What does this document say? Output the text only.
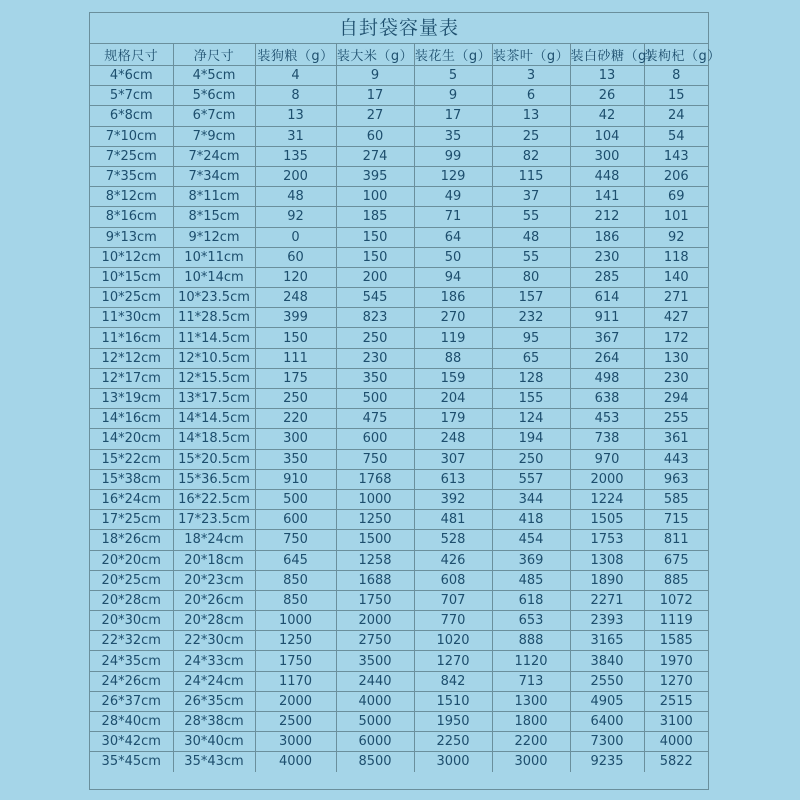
自封袋容量表
规格尺寸	净尺寸	装狗粮（g）	装大米（g）	装花生（g）	装茶叶（g）	装白砂糖（g）	装枸杞（g）
4*6cm	4*5cm	4	9	5	3	13	8
5*7cm	5*6cm	8	17	9	6	26	15
6*8cm	6*7cm	13	27	17	13	42	24
7*10cm	7*9cm	31	60	35	25	104	54
7*25cm	7*24cm	135	274	99	82	300	143
7*35cm	7*34cm	200	395	129	115	448	206
8*12cm	8*11cm	48	100	49	37	141	69
8*16cm	8*15cm	92	185	71	55	212	101
9*13cm	9*12cm	0	150	64	48	186	92
10*12cm	10*11cm	60	150	50	55	230	118
10*15cm	10*14cm	120	200	94	80	285	140
10*25cm	10*23.5cm	248	545	186	157	614	271
11*30cm	11*28.5cm	399	823	270	232	911	427
11*16cm	11*14.5cm	150	250	119	95	367	172
12*12cm	12*10.5cm	111	230	88	65	264	130
12*17cm	12*15.5cm	175	350	159	128	498	230
13*19cm	13*17.5cm	250	500	204	155	638	294
14*16cm	14*14.5cm	220	475	179	124	453	255
14*20cm	14*18.5cm	300	600	248	194	738	361
15*22cm	15*20.5cm	350	750	307	250	970	443
15*38cm	15*36.5cm	910	1768	613	557	2000	963
16*24cm	16*22.5cm	500	1000	392	344	1224	585
17*25cm	17*23.5cm	600	1250	481	418	1505	715
18*26cm	18*24cm	750	1500	528	454	1753	811
20*20cm	20*18cm	645	1258	426	369	1308	675
20*25cm	20*23cm	850	1688	608	485	1890	885
20*28cm	20*26cm	850	1750	707	618	2271	1072
20*30cm	20*28cm	1000	2000	770	653	2393	1119
22*32cm	22*30cm	1250	2750	1020	888	3165	1585
24*35cm	24*33cm	1750	3500	1270	1120	3840	1970
24*26cm	24*24cm	1170	2440	842	713	2550	1270
26*37cm	26*35cm	2000	4000	1510	1300	4905	2515
28*40cm	28*38cm	2500	5000	1950	1800	6400	3100
30*42cm	30*40cm	3000	6000	2250	2200	7300	4000
35*45cm	35*43cm	4000	8500	3000	3000	9235	5822
